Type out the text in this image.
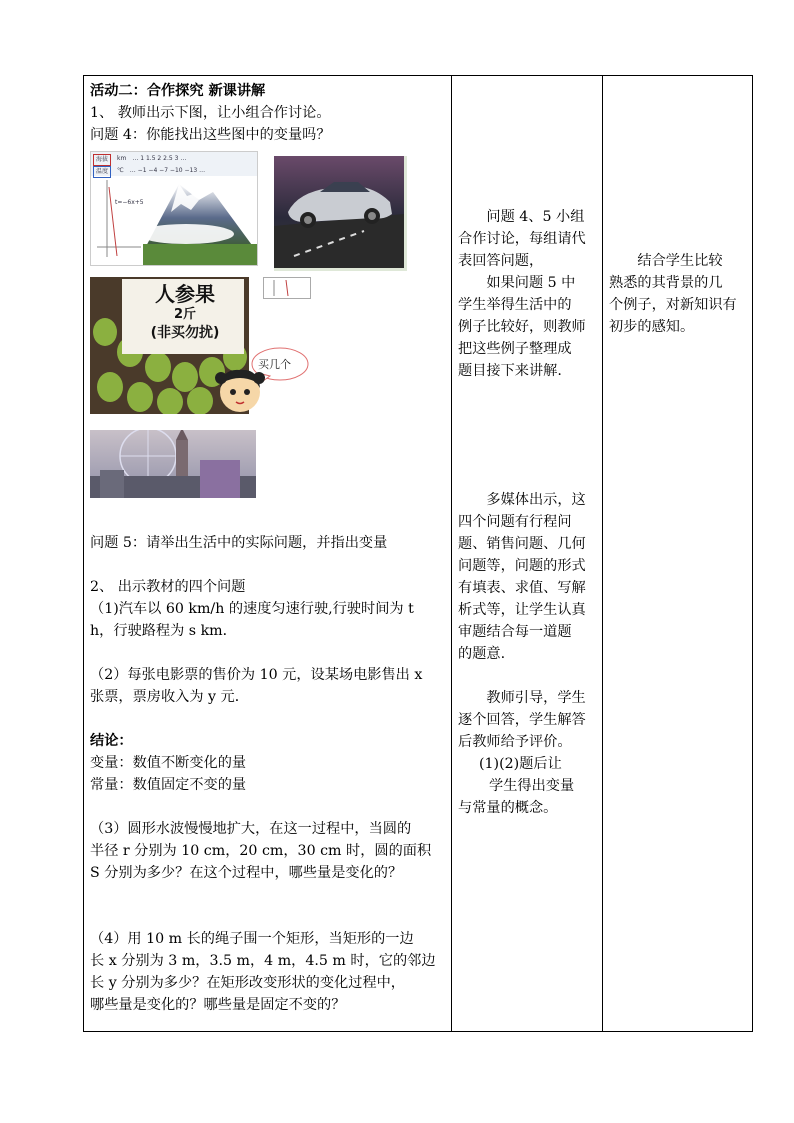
活动二：合作探究 新课讲解

1、 教师出示下图，让小组合作讨论。

问题 4：你能找出这些图中的变量吗？

海拔	km … 1 1.5 2 2.5 3 …
温度	℃ … −1 −4 −7 −10 −13 …
t=−6x+5
人参果
2斤
(非买勿扰)
买几个

问题 5：请举出生活中的实际问题，并指出变量

2、 出示教材的四个问题

（1)汽车以 60 km/h 的速度匀速行驶,行驶时间为 t

h，行驶路程为 s km．

（2）每张电影票的售价为 10 元，设某场电影售出 x

张票，票房收入为 y 元．

结论：

变量：数值不断变化的量

常量：数值固定不变的量

（3）圆形水波慢慢地扩大，在这一过程中，当圆的

半径 r 分别为 10 cm，20 cm，30 cm 时，圆的面积

S 分别为多少？在这个过程中，哪些量是变化的？

（4）用 10 m 长的绳子围一个矩形，当矩形的一边

长 x 分别为 3 m，3.5 m，4 m，4.5 m 时，它的邻边

长 y 分别为多少？在矩形改变形状的变化过程中，

哪些量是变化的？哪些量是固定不变的？

问题 4、5 小组

合作讨论，每组请代

表回答问题，

如果问题 5 中

学生举得生活中的

例子比较好，则教师

把这些例子整理成

题目接下来讲解.

多媒体出示，这

四个问题有行程问

题、销售问题、几何

问题等，问题的形式

有填表、求值、写解

析式等，让学生认真

审题结合每一道题

的题意.

教师引导，学生

逐个回答，学生解答

后教师给予评价。

(1)(2)题后让

学生得出变量

与常量的概念。

结合学生比较

熟悉的其背景的几

个例子，对新知识有

初步的感知。
